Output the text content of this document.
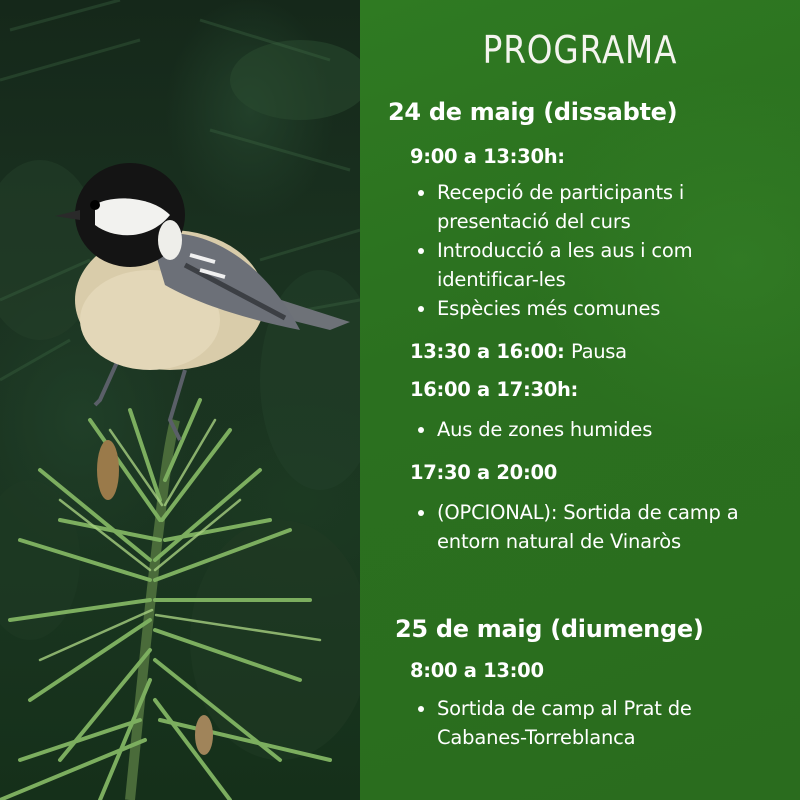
PROGRAMA
24 de maig (dissabte)
9:00 a 13:30h:
Recepció de participants i presentació del curs
Introducció a les aus i com identificar-les
Espècies més comunes
13:30 a 16:00: Pausa
16:00 a 17:30h:
Aus de zones humides
17:30 a 20:00
(OPCIONAL): Sortida de camp a entorn natural de Vinaròs
25 de maig (diumenge)
8:00 a 13:00
Sortida de camp al Prat de Cabanes-Torreblanca
